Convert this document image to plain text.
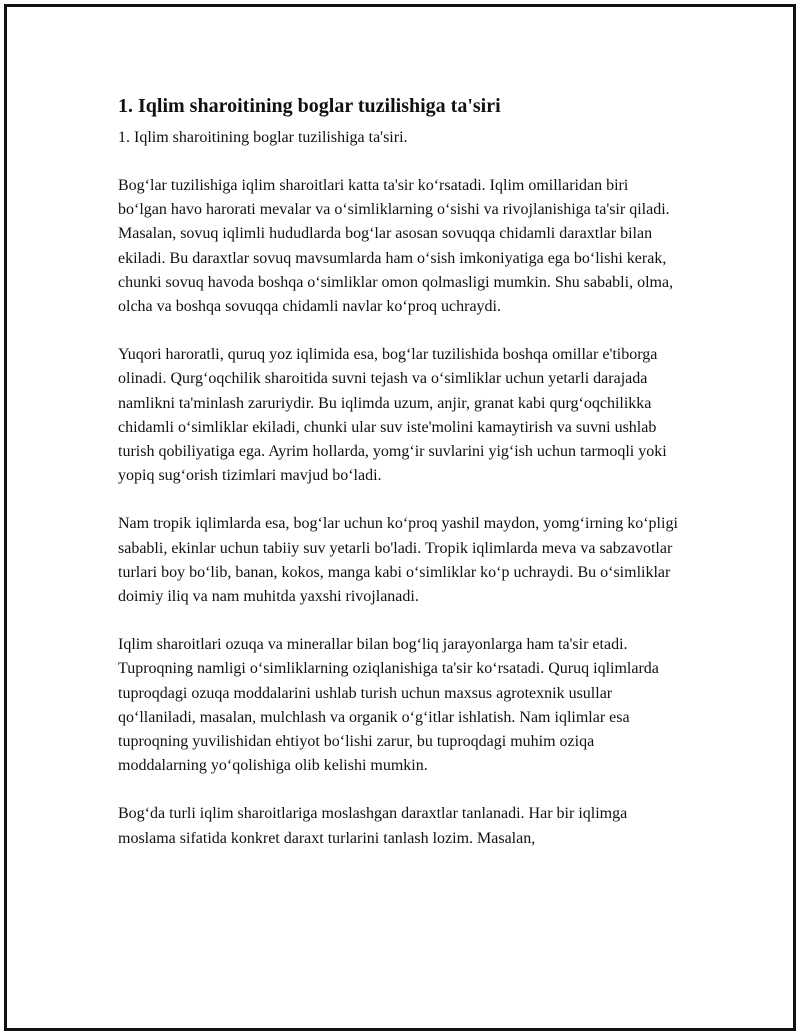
1. Iqlim sharoitining boglar tuzilishiga ta'siri
1. Iqlim sharoitining boglar tuzilishiga ta'siri.

Bog‘lar tuzilishiga iqlim sharoitlari katta ta'sir ko‘rsatadi. Iqlim omillaridan biri bo‘lgan havo harorati mevalar va o‘simliklarning o‘sishi va rivojlanishiga ta'sir qiladi. Masalan, sovuq iqlimli hududlarda bog‘lar asosan sovuqqa chidamli daraxtlar bilan ekiladi. Bu daraxtlar sovuq mavsumlarda ham o‘sish imkoniyatiga ega bo‘lishi kerak, chunki sovuq havoda boshqa o‘simliklar omon qolmasligi mumkin. Shu sababli, olma, olcha va boshqa sovuqqa chidamli navlar ko‘proq uchraydi.

Yuqori haroratli, quruq yoz iqlimida esa, bog‘lar tuzilishida boshqa omillar e'tiborga olinadi. Qurg‘oqchilik sharoitida suvni tejash va o‘simliklar uchun yetarli darajada namlikni ta'minlash zaruriydir. Bu iqlimda uzum, anjir, granat kabi qurg‘oqchilikka chidamli o‘simliklar ekiladi, chunki ular suv iste'molini kamaytirish va suvni ushlab turish qobiliyatiga ega. Ayrim hollarda, yomg‘ir suvlarini yig‘ish uchun tarmoqli yoki yopiq sug‘orish tizimlari mavjud bo‘ladi.

Nam tropik iqlimlarda esa, bog‘lar uchun ko‘proq yashil maydon, yomg‘irning ko‘pligi sababli, ekinlar uchun tabiiy suv yetarli bo'ladi. Tropik iqlimlarda meva va sabzavotlar turlari boy bo‘lib, banan, kokos, manga kabi o‘simliklar ko‘p uchraydi. Bu o‘simliklar doimiy iliq va nam muhitda yaxshi rivojlanadi.

Iqlim sharoitlari ozuqa va minerallar bilan bog‘liq jarayonlarga ham ta'sir etadi. Tuproqning namligi o‘simliklarning oziqlanishiga ta'sir ko‘rsatadi. Quruq iqlimlarda tuproqdagi ozuqa moddalarini ushlab turish uchun maxsus agrotexnik usullar qo‘llaniladi, masalan, mulchlash va organik o‘g‘itlar ishlatish. Nam iqlimlar esa tuproqning yuvilishidan ehtiyot bo‘lishi zarur, bu tuproqdagi muhim oziqa moddalarning yo‘qolishiga olib kelishi mumkin.

Bog‘da turli iqlim sharoitlariga moslashgan daraxtlar tanlanadi. Har bir iqlimga moslama sifatida konkret daraxt turlarini tanlash lozim. Masalan,
